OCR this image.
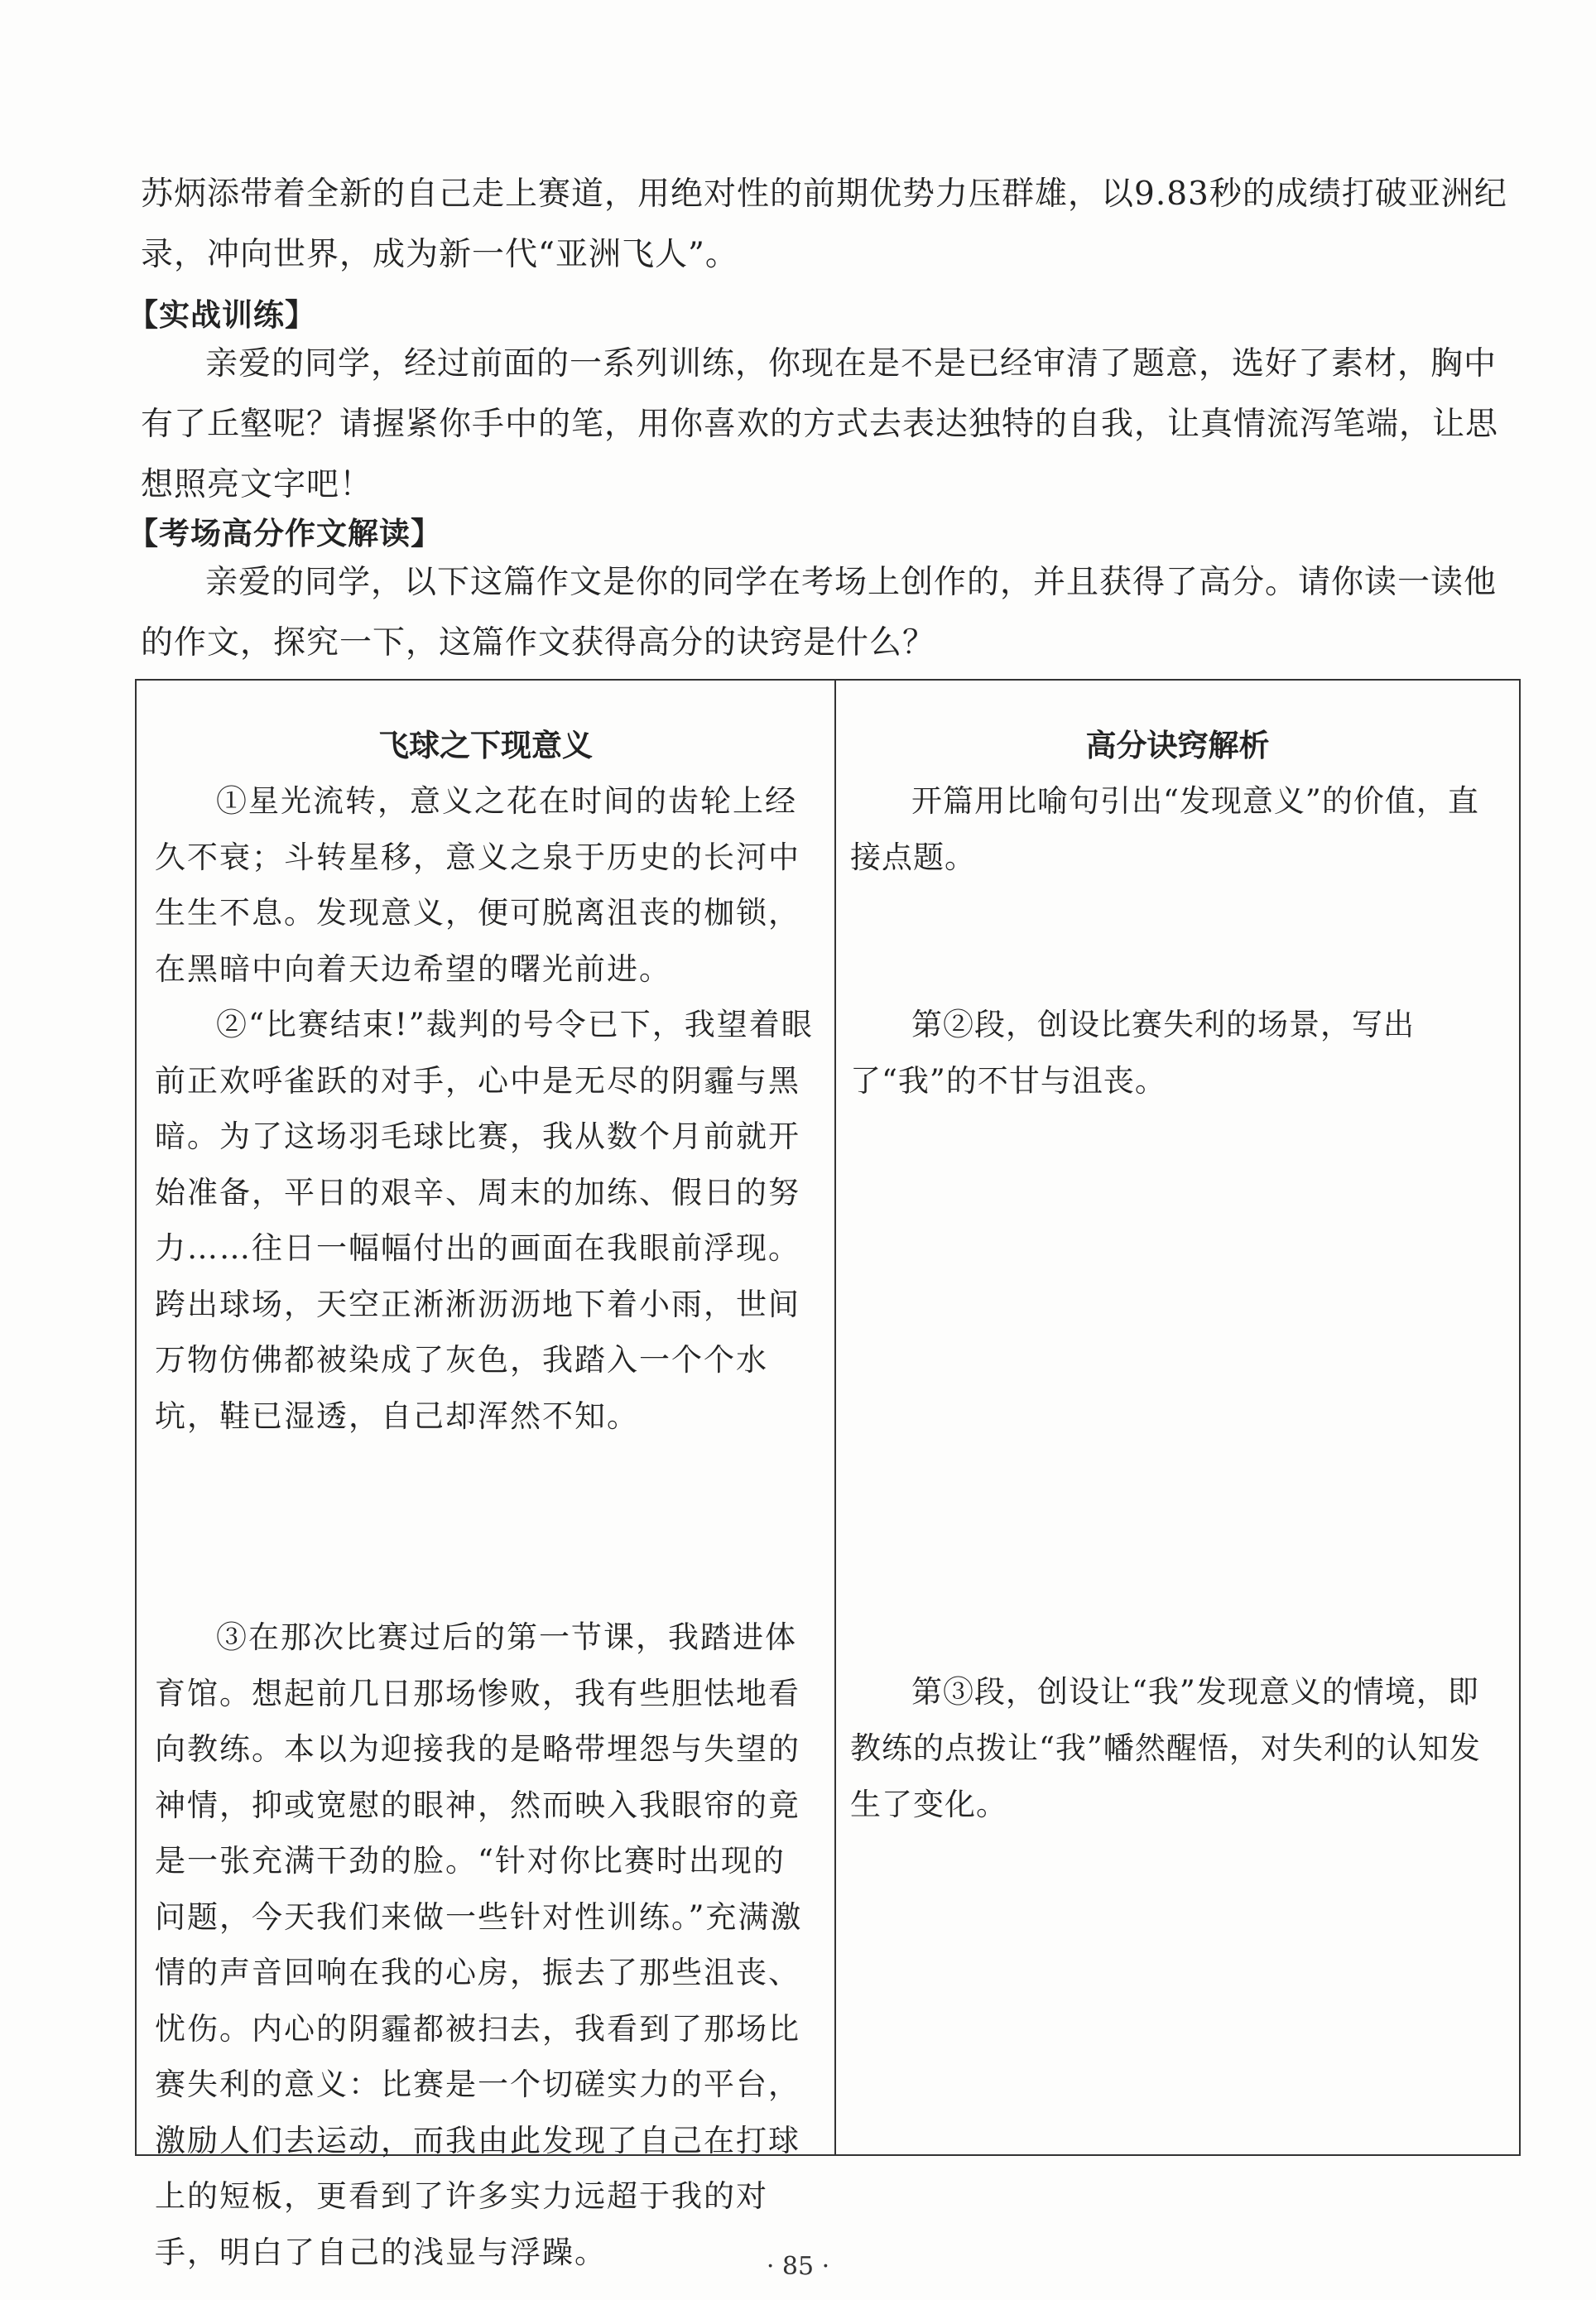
苏炳添带着全新的自己走上赛道，用绝对性的前期优势力压群雄，以9.83秒的成绩打破亚洲纪录，冲向世界，成为新一代“亚洲飞人”。

【实战训练】

亲爱的同学，经过前面的一系列训练，你现在是不是已经审清了题意，选好了素材，胸中有了丘壑呢？请握紧你手中的笔，用你喜欢的方式去表达独特的自我，让真情流泻笔端，让思想照亮文字吧！

【考场高分作文解读】

亲爱的同学，以下这篇作文是你的同学在考场上创作的，并且获得了高分。请你读一读他的作文，探究一下，这篇作文获得高分的诀窍是什么？

飞球之下现意义	高分诀窍解析

①星光流转，意义之花在时间的齿轮上经久不衰；斗转星移，意义之泉于历史的长河中生生不息。发现意义，便可脱离沮丧的枷锁，在黑暗中向着天边希望的曙光前进。

②“比赛结束!”裁判的号令已下，我望着眼前正欢呼雀跃的对手，心中是无尽的阴霾与黑暗。为了这场羽毛球比赛，我从数个月前就开始准备，平日的艰辛、周末的加练、假日的努力……往日一幅幅付出的画面在我眼前浮现。跨出球场，天空正淅淅沥沥地下着小雨，世间万物仿佛都被染成了灰色，我踏入一个个水坑，鞋已湿透，自己却浑然不知。

③在那次比赛过后的第一节课，我踏进体育馆。想起前几日那场惨败，我有些胆怯地看向教练。本以为迎接我的是略带埋怨与失望的神情，抑或宽慰的眼神，然而映入我眼帘的竟是一张充满干劲的脸。“针对你比赛时出现的问题，今天我们来做一些针对性训练。”充满激情的声音回响在我的心房，振去了那些沮丧、忧伤。内心的阴霾都被扫去，我看到了那场比赛失利的意义：比赛是一个切磋实力的平台，激励人们去运动，而我由此发现了自己在打球上的短板，更看到了许多实力远超于我的对手，明白了自己的浅显与浮躁。

开篇用比喻句引出“发现意义”的价值，直接点题。

第②段，创设比赛失利的场景，写出了“我”的不甘与沮丧。

第③段，创设让“我”发现意义的情境，即教练的点拨让“我”幡然醒悟，对失利的认知发生了变化。

· 85 ·
